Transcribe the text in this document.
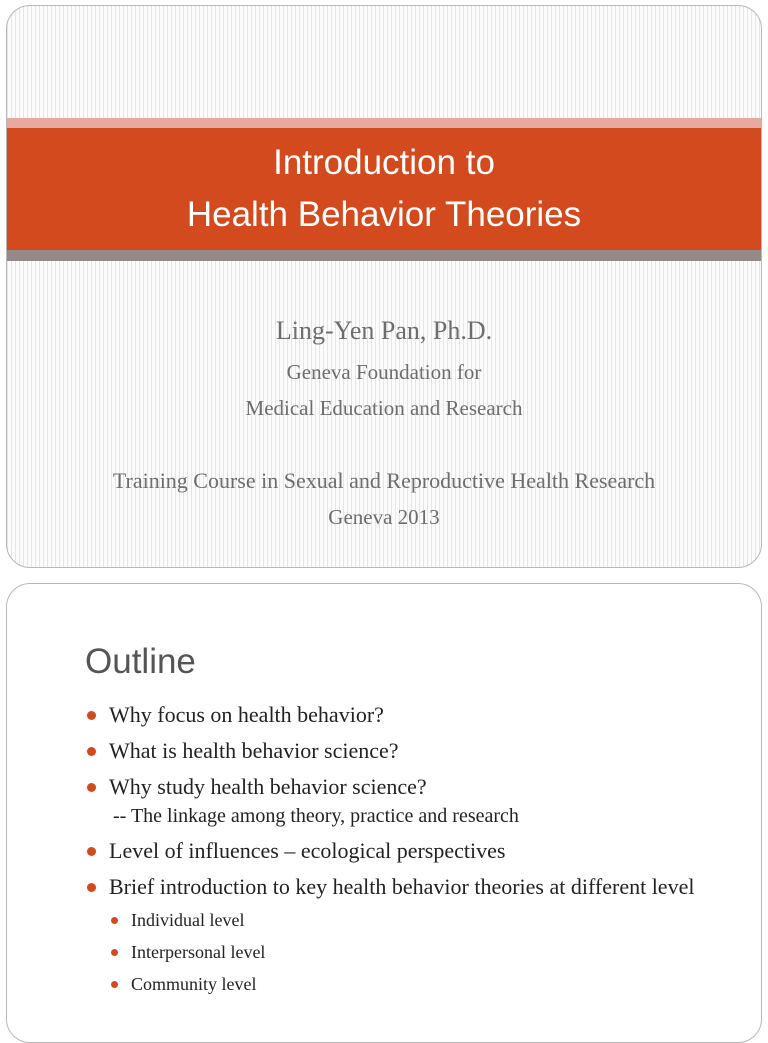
Introduction to
Health Behavior Theories
Ling-Yen Pan, Ph.D.
Geneva Foundation for
Medical Education and Research
Training Course in Sexual and Reproductive Health Research
Geneva 2013
Outline
Why focus on health behavior?
What is health behavior science?
Why study health behavior science?
-- The linkage among theory, practice and research
Level of influences – ecological perspectives
Brief introduction to key health behavior theories at different level
Individual level
Interpersonal level
Community level
